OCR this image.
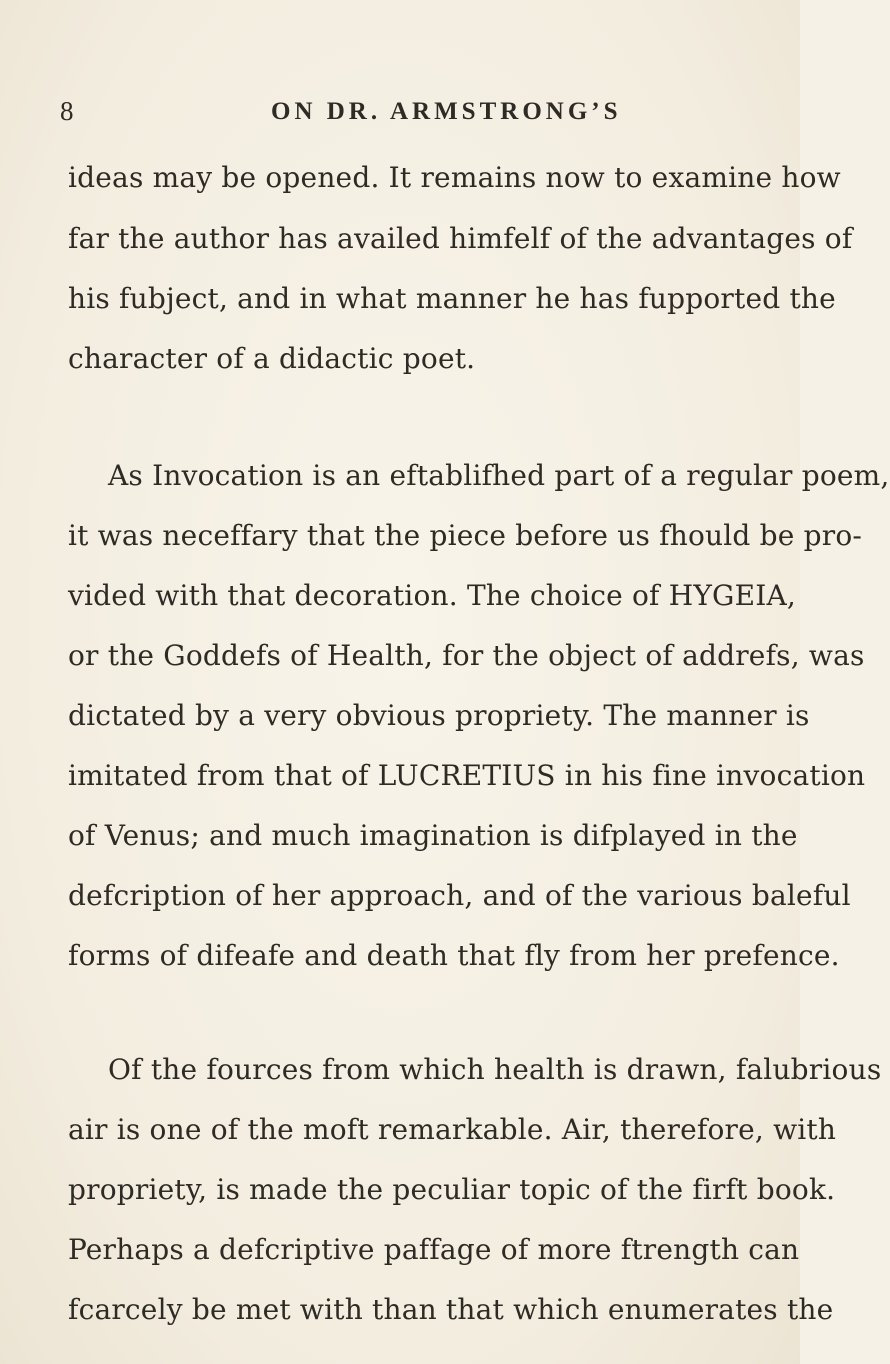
8	ON DR. ARMSTRONG’S
ideas may be opened. It remains now to examine how
far the author has availed himfelf of the advantages of
his fubject, and in what manner he has fupported the
character of a didactic poet.
As Invocation is an eftablifhed part of a regular poem,
it was neceffary that the piece before us fhould be pro-
vided with that decoration. The choice of HYGEIA,
or the Goddefs of Health, for the object of addrefs, was
dictated by a very obvious propriety. The manner is
imitated from that of LUCRETIUS in his fine invocation
of Venus; and much imagination is difplayed in the
defcription of her approach, and of the various baleful
forms of difeafe and death that fly from her prefence.
Of the fources from which health is drawn, falubrious
air is one of the moft remarkable. Air, therefore, with
propriety, is made the peculiar topic of the firft book.
Perhaps a defcriptive paffage of more ftrength can
fcarcely be met with than that which enumerates the
